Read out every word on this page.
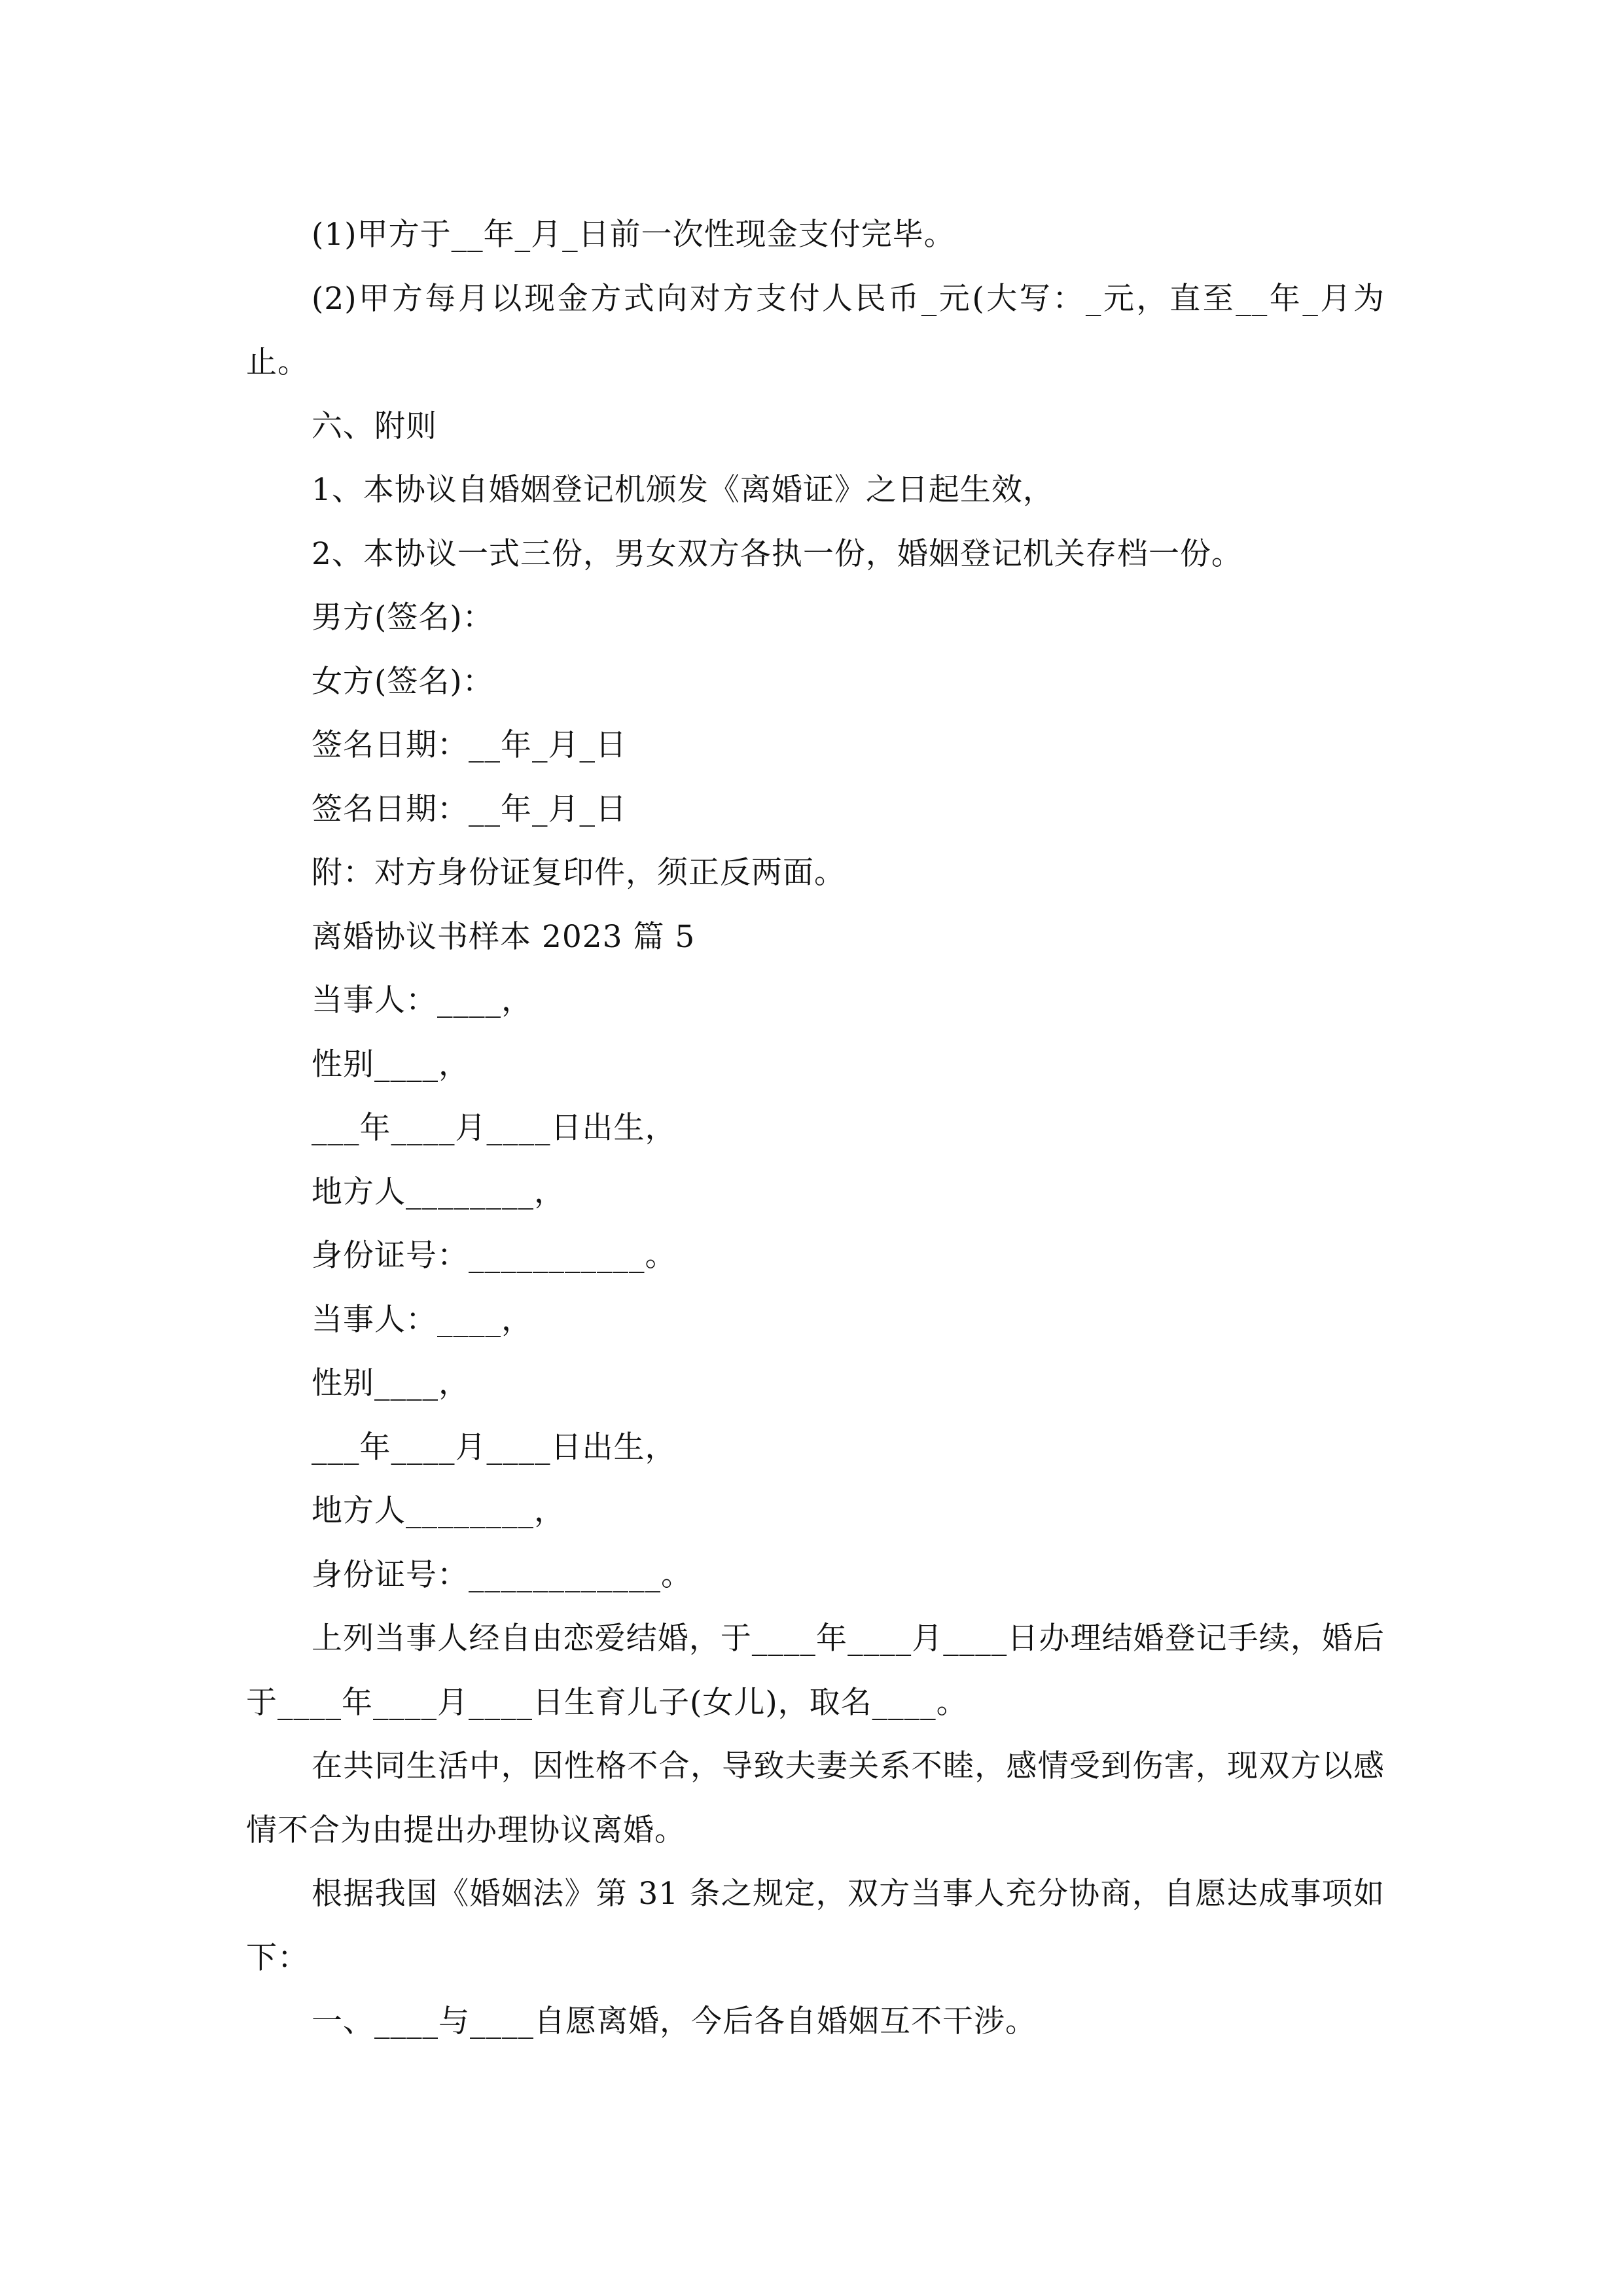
(1)甲方于__年_月_日前一次性现金支付完毕。

(2)甲方每月以现金方式向对方支付人民币_元(大写：_元，直至__年_月为止。

六、附则

1、本协议自婚姻登记机颁发《离婚证》之日起生效，

2、本协议一式三份，男女双方各执一份，婚姻登记机关存档一份。

男方(签名)：

女方(签名)：

签名日期：__年_月_日

签名日期：__年_月_日

附：对方身份证复印件，须正反两面。

离婚协议书样本 2023 篇 5

当事人：____，

性别____，

___年____月____日出生，

地方人________，

身份证号：___________。

当事人：____，

性别____，

___年____月____日出生，

地方人________，

身份证号：____________。

上列当事人经自由恋爱结婚，于____年____月____日办理结婚登记手续，婚后于____年____月____日生育儿子(女儿)，取名____。

在共同生活中，因性格不合，导致夫妻关系不睦，感情受到伤害，现双方以感情不合为由提出办理协议离婚。

根据我国《婚姻法》第 31 条之规定，双方当事人充分协商，自愿达成事项如下：

一、____与____自愿离婚，今后各自婚姻互不干涉。
